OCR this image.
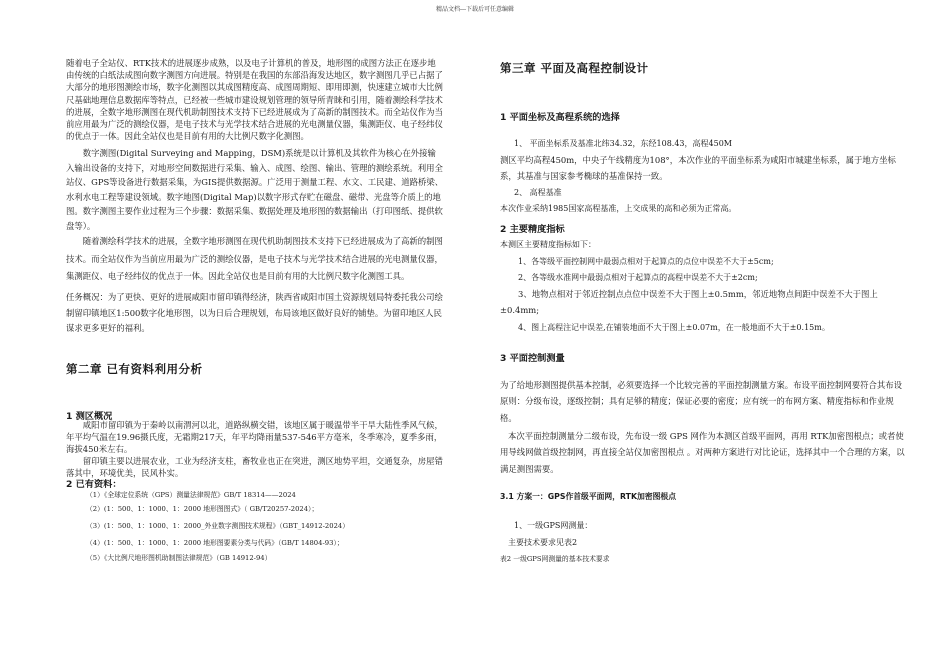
精品文档---下载后可任意编辑

随着电子全站仪、RTK技术的进展逐步成熟，以及电子计算机的普及，地形图的成图方法正在逐步地由传统的白纸法成图向数字测图方向进展。特别是在我国的东部沿海发达地区，数字测图几乎已占据了大部分的地形图测绘市场，数字化测图以其成图精度高、成图周期短、即用即测，快速建立城市大比例尺基础地理信息数据库等特点，已经被一些城市建设规划管理的领导所青睐和引用，随着测绘科学技术的进展，全数字地形测图在现代机助制图技术支持下已经进展成为了高新的制图技术。而全站仪作为当前应用最为广泛的测绘仪器，是电子技术与光学技术结合进展的光电测量仪器，集测距仪、电子经纬仪的优点于一体。因此全站仪也是目前有用的大比例尺数字化测图。

数字测图(Digital Surveying and Mapping，DSM)系统是以计算机及其软件为核心在外接输入输出设备的支持下，对地形空间数据进行采集、输入、成图、绘图、输出、管理的测绘系统。利用全站仪、GPS等设备进行数据采集，为GIS提供数据源。广泛用于测量工程、水文、工民建、道路桥梁、水利水电工程等建设领域。数字地图(Digital Map)以数字形式存贮在磁盘、磁带、光盘等介质上的地图。数字测图主要作业过程为三个步骤：数据采集、数据处理及地形图的数据输出（打印图纸、提供软盘等）。

随着测绘科学技术的进展，全数字地形测图在现代机助制图技术支持下已经进展成为了高新的制图技术。而全站仪作为当前应用最为广泛的测绘仪器，是电子技术与光学技术结合进展的光电测量仪器，集测距仪、电子经纬仪的优点于一体。因此全站仪也是目前有用的大比例尺数字化测图工具。

任务概况：为了更快、更好的进展咸阳市留印镇得经济，陕西省咸阳市国土资源规划局特委托我公司绘制留印镇地区1:500数字化地形图，以为日后合理规划，布局该地区做好良好的铺垫。为留印地区人民谋求更多更好的福利。

第二章 已有资料利用分析
1 测区概况

咸阳市留印镇为于秦岭以南渭河以北，道路纵横交错，该地区属于暖温带半干旱大陆性季风气候，年平均气温在19.96摄氏度，无霜期217天，年平均降雨量537-546平方毫米，冬季寒冷，夏季多雨，海拔450米左右。

留印镇主要以进展农业，工业为经济支柱，畜牧业也正在突进，测区地势平坦，交通复杂，房屋错落其中，环境优美，民风朴实。

2 已有资料：
（1）《全球定位系统（GPS）测量法律规范》GB/T 18314——2024
（2）(1：500、1：1000、1：2000 地形图图式》（ GB/T20257-2024）；
（3）(1：500、1：1000、1：2000_外业数字测图技术规程》（GBT_14912-2024）
（4）(1：500、1：1000、1：2000 地形图要素分类与代码》（GB/T 14804-93）；
（5）《大比例尺地形图机助制图法律规范》（GB 14912-94）
第三章 平面及高程控制设计
1 平面坐标及高程系统的选择
1、 平面坐标系及基准北纬34.32，东经108.43，高程450M

测区平均高程450m，中央子午线精度为108°，本次作业的平面坐标系为咸阳市城建坐标系，属于地方坐标系，其基准与国家参考椭球的基准保持一致。

2、 高程基准
本次作业采纳1985国家高程基准，上交成果的高和必须为正常高。
2 主要精度指标
本测区主要精度指标如下：
1、各等级平面控制网中最弱点相对于起算点的点位中误差不大于±5cm;
2、各等级水准网中最弱点相对于起算点的高程中误差不大于±2cm;

3、地物点相对于邻近控制点点位中误差不大于图上±0.5mm，邻近地物点间距中误差不大于图上±0.4mm;

4、图上高程注记中误差,在铺装地面不大于图上±0.07m，在一般地面不大于±0.15m。
3 平面控制测量

为了给地形测图提供基本控制，必须要选择一个比较完善的平面控制测量方案。布设平面控制网要符合其布设原则：分级布设，逐级控制；具有足够的精度；保证必要的密度；应有统一的布网方案、精度指标和作业规格。

本次平面控制测量分二级布设，先布设一级 GPS 网作为本测区首级平面网，再用 RTK加密图根点；或者使用导线网做首级控制网，再直接全站仪加密图根点 。对两种方案进行对比论证，选择其中一个合理的方案，以满足测图需要。

3.1 方案一：GPS作首级平面网，RTK加密图根点
1、一级GPS网测量：
主要技术要求见表2
表2 一级GPS网测量的基本技术要求
